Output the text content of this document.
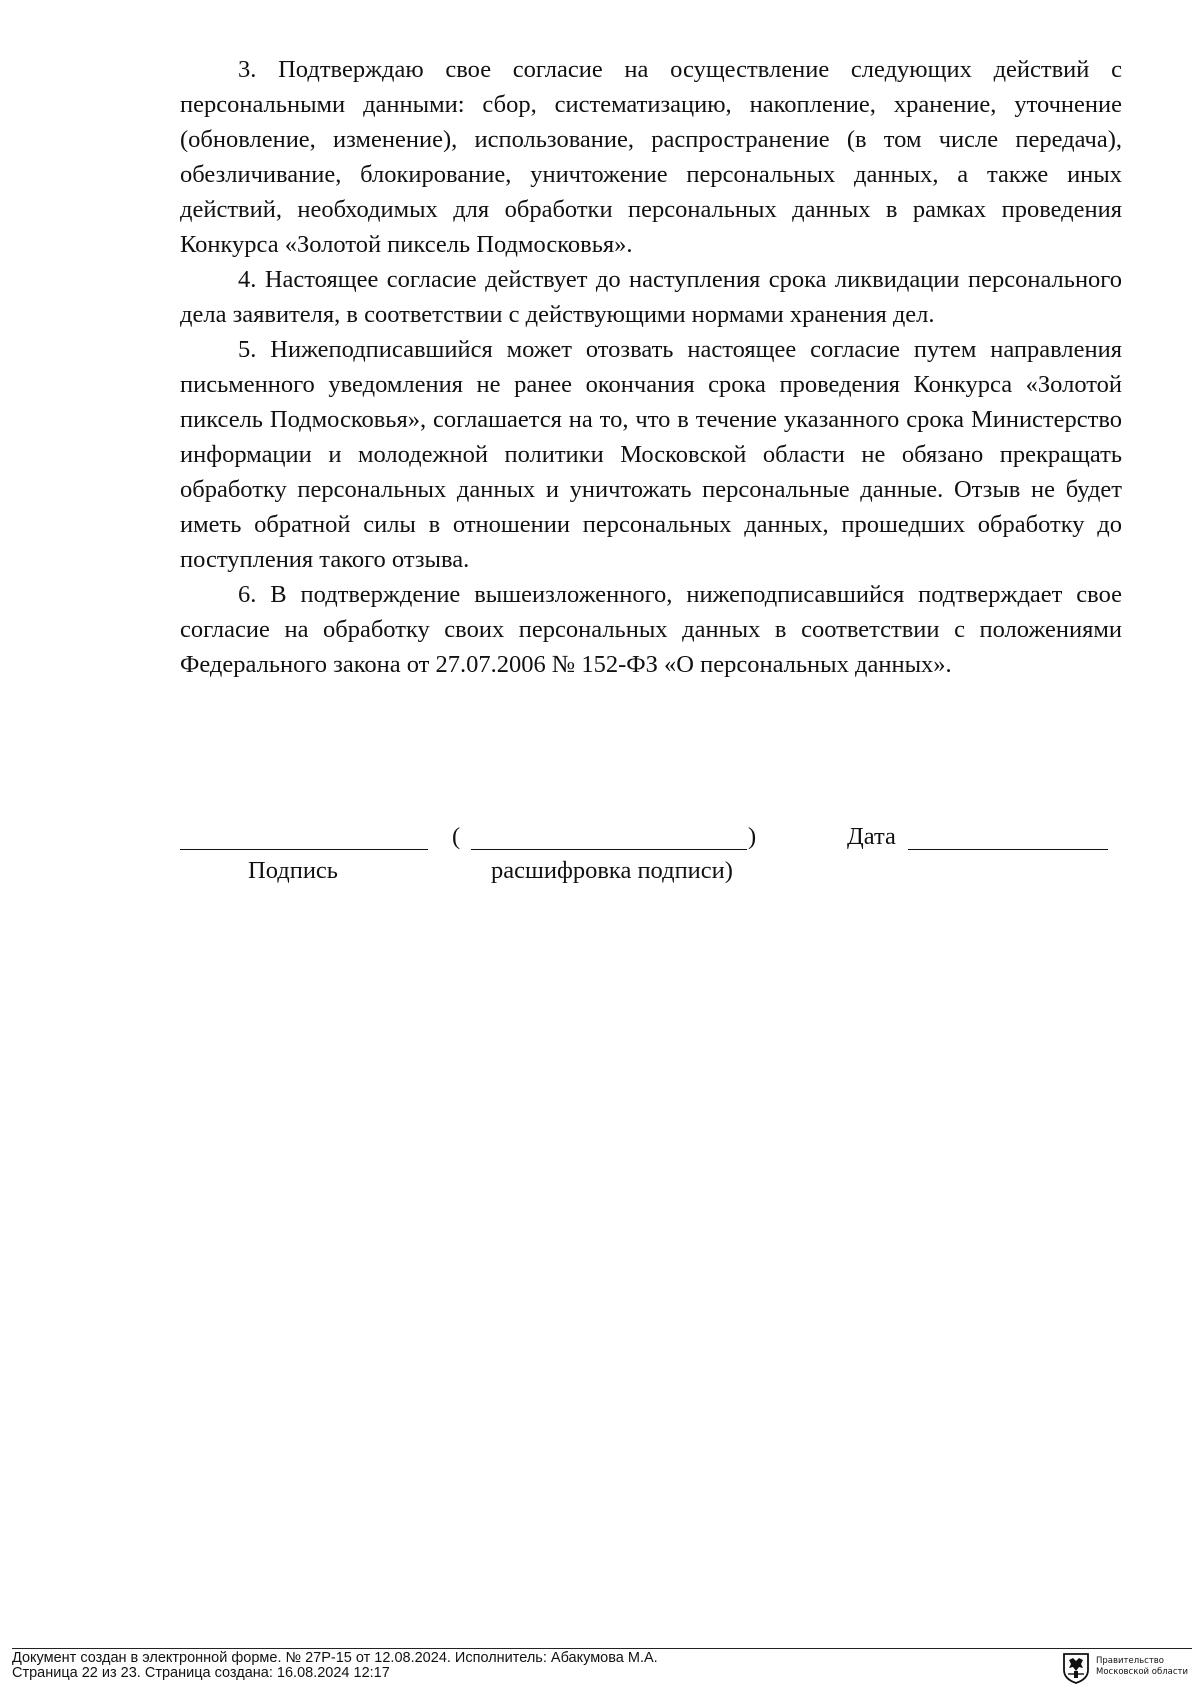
3. Подтверждаю свое согласие на осуществление следующих действий с персональными данными: сбор, систематизацию, накопление, хранение, уточнение (обновление, изменение), использование, распространение (в том числе передача), обезличивание, блокирование, уничтожение персональных данных, а также иных действий, необходимых для обработки персональных данных в рамках проведения Конкурса «Золотой пиксель Подмосковья».

4. Настоящее согласие действует до наступления срока ликвидации персонального дела заявителя, в соответствии с действующими нормами хранения дел.

5. Нижеподписавшийся может отозвать настоящее согласие путем направления письменного уведомления не ранее окончания срока проведения Конкурса «Золотой пиксель Подмосковья», соглашается на то, что в течение указанного срока Министерство информации и молодежной политики Московской области не обязано прекращать обработку персональных данных и уничтожать персональные данные. Отзыв не будет иметь обратной силы в отношении персональных данных, прошедших обработку до поступления такого отзыва.

6. В подтверждение вышеизложенного, нижеподписавшийся подтверждает свое согласие на обработку своих персональных данных в соответствии с положениями Федерального закона от 27.07.2006 № 152-ФЗ «О персональных данных».

(	)	Дата
Подпись	расшифровка подписи)
Документ создан в электронной форме. № 27Р-15 от 12.08.2024. Исполнитель: Абакумова М.А.
Страница 22 из 23. Страница создана: 16.08.2024 12:17
Правительство
Московской области
